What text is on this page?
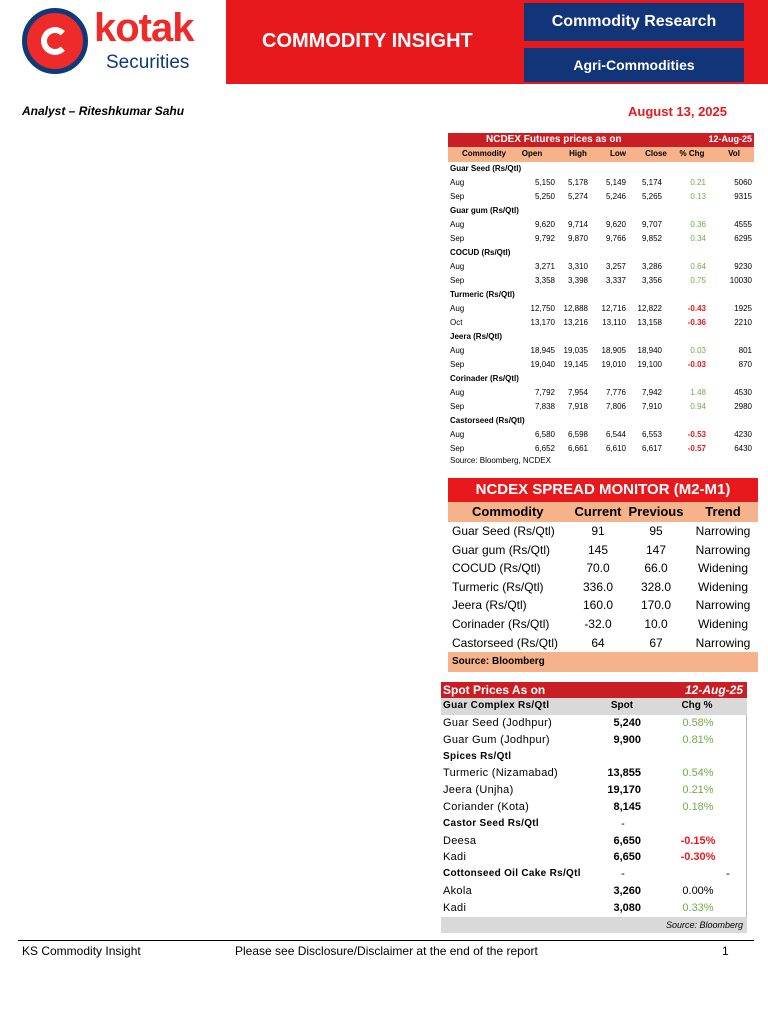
kotak
Securities
COMMODITY INSIGHT
Commodity Research
Agri-Commodities
Analyst – Riteshkumar Sahu	August 13, 2025
NCDEX Futures prices as on	12-Aug-25
Commodity	Open	High	Low	Close	% Chg	Vol
Guar Seed (Rs/Qtl)
Aug	5,150	5,178	5,149	5,174	0.21	5060
Sep	5,250	5,274	5,246	5,265	0.13	9315
Guar gum (Rs/Qtl)
Aug	9,620	9,714	9,620	9,707	0.36	4555
Sep	9,792	9,870	9,766	9,852	0.34	6295
COCUD (Rs/Qtl)
Aug	3,271	3,310	3,257	3,286	0.64	9230
Sep	3,358	3,398	3,337	3,356	0.75	10030
Turmeric (Rs/Qtl)
Aug	12,750	12,888	12,716	12,822	-0.43	1925
Oct	13,170	13,216	13,110	13,158	-0.36	2210
Jeera (Rs/Qtl)
Aug	18,945	19,035	18,905	18,940	0.03	801
Sep	19,040	19,145	19,010	19,100	-0.03	870
Corinader (Rs/Qtl)
Aug	7,792	7,954	7,776	7,942	1.48	4530
Sep	7,838	7,918	7,806	7,910	0.94	2980
Castorseed (Rs/Qtl)
Aug	6,580	6,598	6,544	6,553	-0.53	4230
Sep	6,652	6,661	6,610	6,617	-0.57	6430
Source: Bloomberg, NCDEX
NCDEX SPREAD MONITOR (M2-M1)
Commodity	Current Previous	Trend
Guar Seed (Rs/Qtl)	91	95	Narrowing
Guar gum (Rs/Qtl)	145	147	Narrowing
COCUD (Rs/Qtl)	70.0	66.0	Widening
Turmeric (Rs/Qtl)	336.0	328.0	Widening
Jeera (Rs/Qtl)	160.0	170.0	Narrowing
Corinader (Rs/Qtl)	-32.0	10.0	Widening
Castorseed (Rs/Qtl)	64	67	Narrowing
Source: Bloomberg
Spot Prices As on	12-Aug-25
Guar Complex Rs/Qtl	Spot	Chg %
Guar Seed (Jodhpur)	5,240	0.58%
Guar Gum (Jodhpur)	9,900	0.81%
Spices Rs/Qtl
Turmeric (Nizamabad)	13,855	0.54%
Jeera (Unjha)	19,170	0.21%
Coriander (Kota)	8,145	0.18%
Castor Seed Rs/Qtl	-
Deesa	6,650	-0.15%
Kadi	6,650	-0.30%
Cottonseed Oil Cake Rs/Qtl	-	-
Akola	3,260	0.00%
Kadi	3,080	0.33%
Source: Bloomberg
KS Commodity Insight	Please see Disclosure/Disclaimer at the end of the report	1
